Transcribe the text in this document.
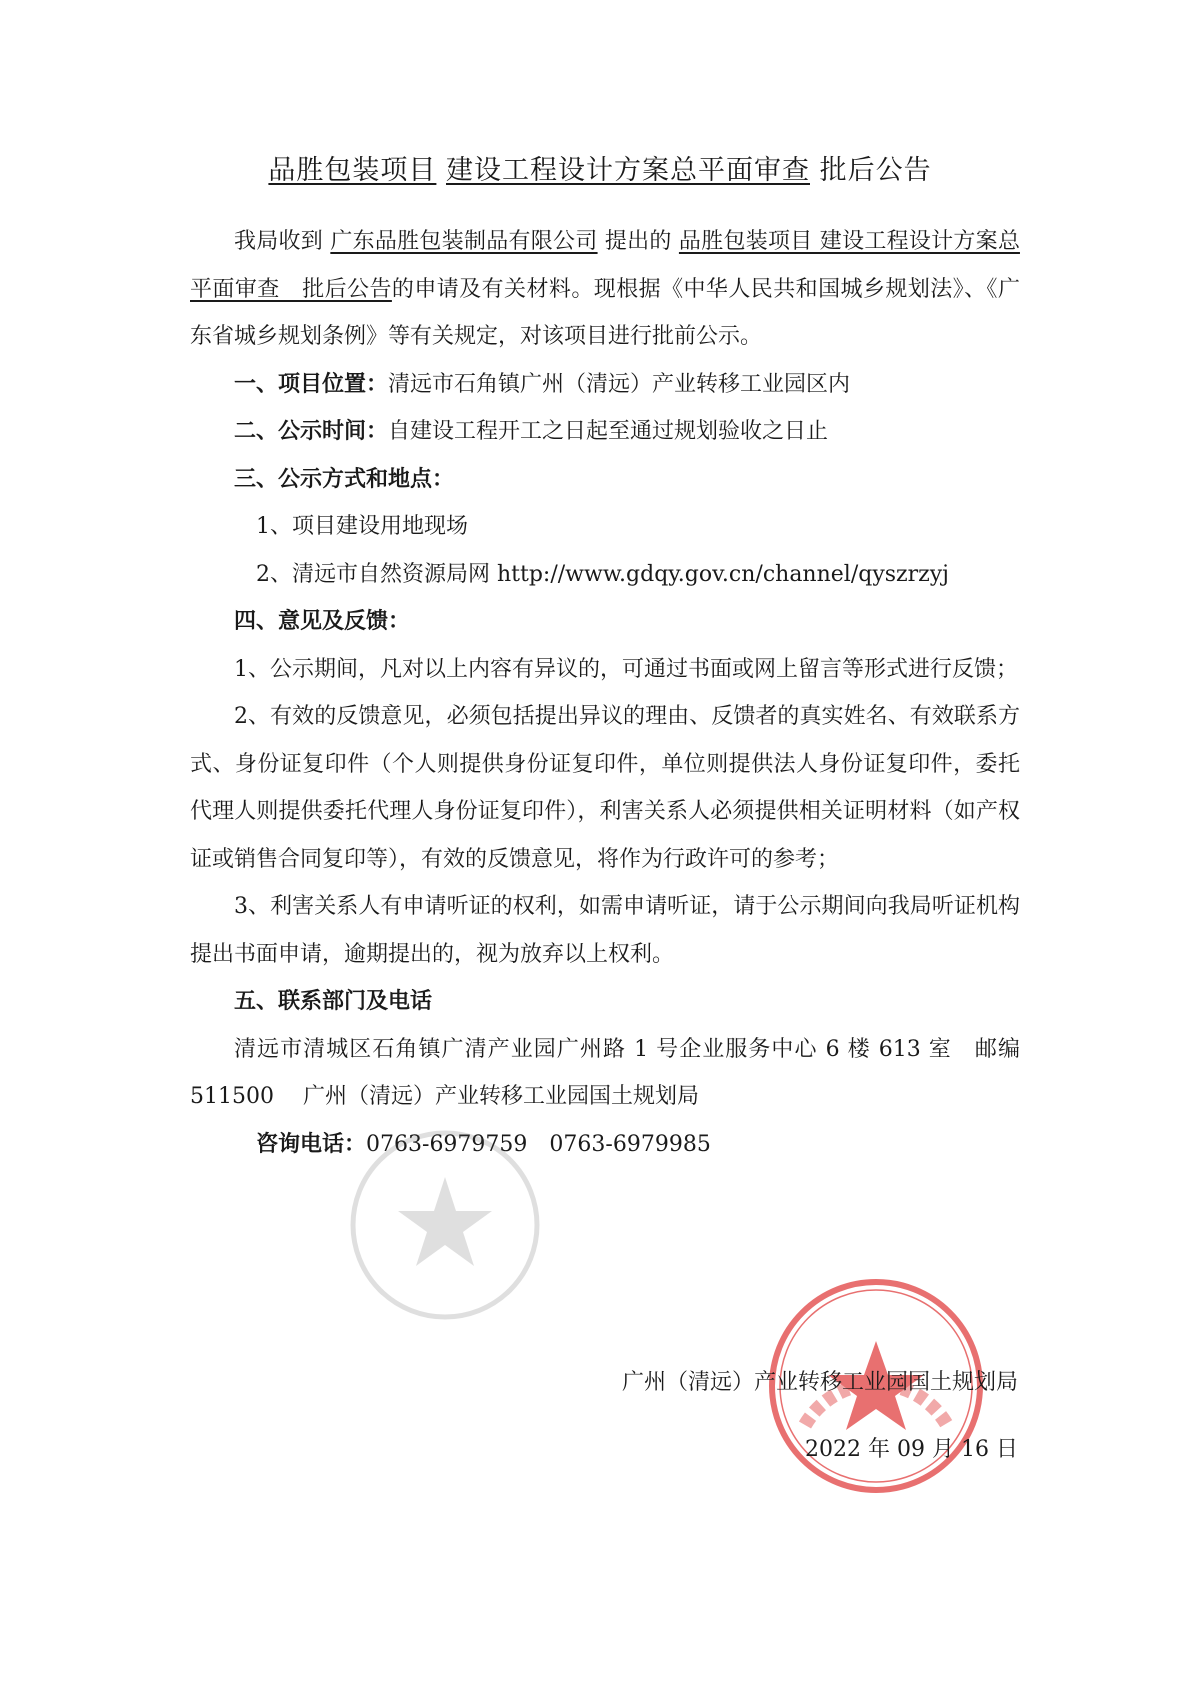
品胜包装项目 建设工程设计方案总平面审查 批后公告

我局收到 广东品胜包装制品有限公司 提出的 品胜包装项目 建设工程设计方案总平面审查　批后公告的申请及有关材料。现根据《中华人民共和国城乡规划法》、《广东省城乡规划条例》等有关规定，对该项目进行批前公示。

一、项目位置：清远市石角镇广州（清远）产业转移工业园区内

二、公示时间：自建设工程开工之日起至通过规划验收之日止

三、公示方式和地点：

1、项目建设用地现场

2、清远市自然资源局网 http://www.gdqy.gov.cn/channel/qyszrzyj

四、意见及反馈：

1、公示期间，凡对以上内容有异议的，可通过书面或网上留言等形式进行反馈；

2、有效的反馈意见，必须包括提出异议的理由、反馈者的真实姓名、有效联系方式、身份证复印件（个人则提供身份证复印件，单位则提供法人身份证复印件，委托代理人则提供委托代理人身份证复印件），利害关系人必须提供相关证明材料（如产权证或销售合同复印等），有效的反馈意见，将作为行政许可的参考；

3、利害关系人有申请听证的权利，如需申请听证，请于公示期间向我局听证机构提出书面申请，逾期提出的，视为放弃以上权利。

五、联系部门及电话

清远市清城区石角镇广清产业园广州路 1 号企业服务中心 6 楼 613 室　邮编 511500　 广州（清远）产业转移工业园国土规划局

咨询电话：0763-6979759　0763-6979985

广州（清远）产业转移工业园国土规划局
2022 年 09 月 16 日
